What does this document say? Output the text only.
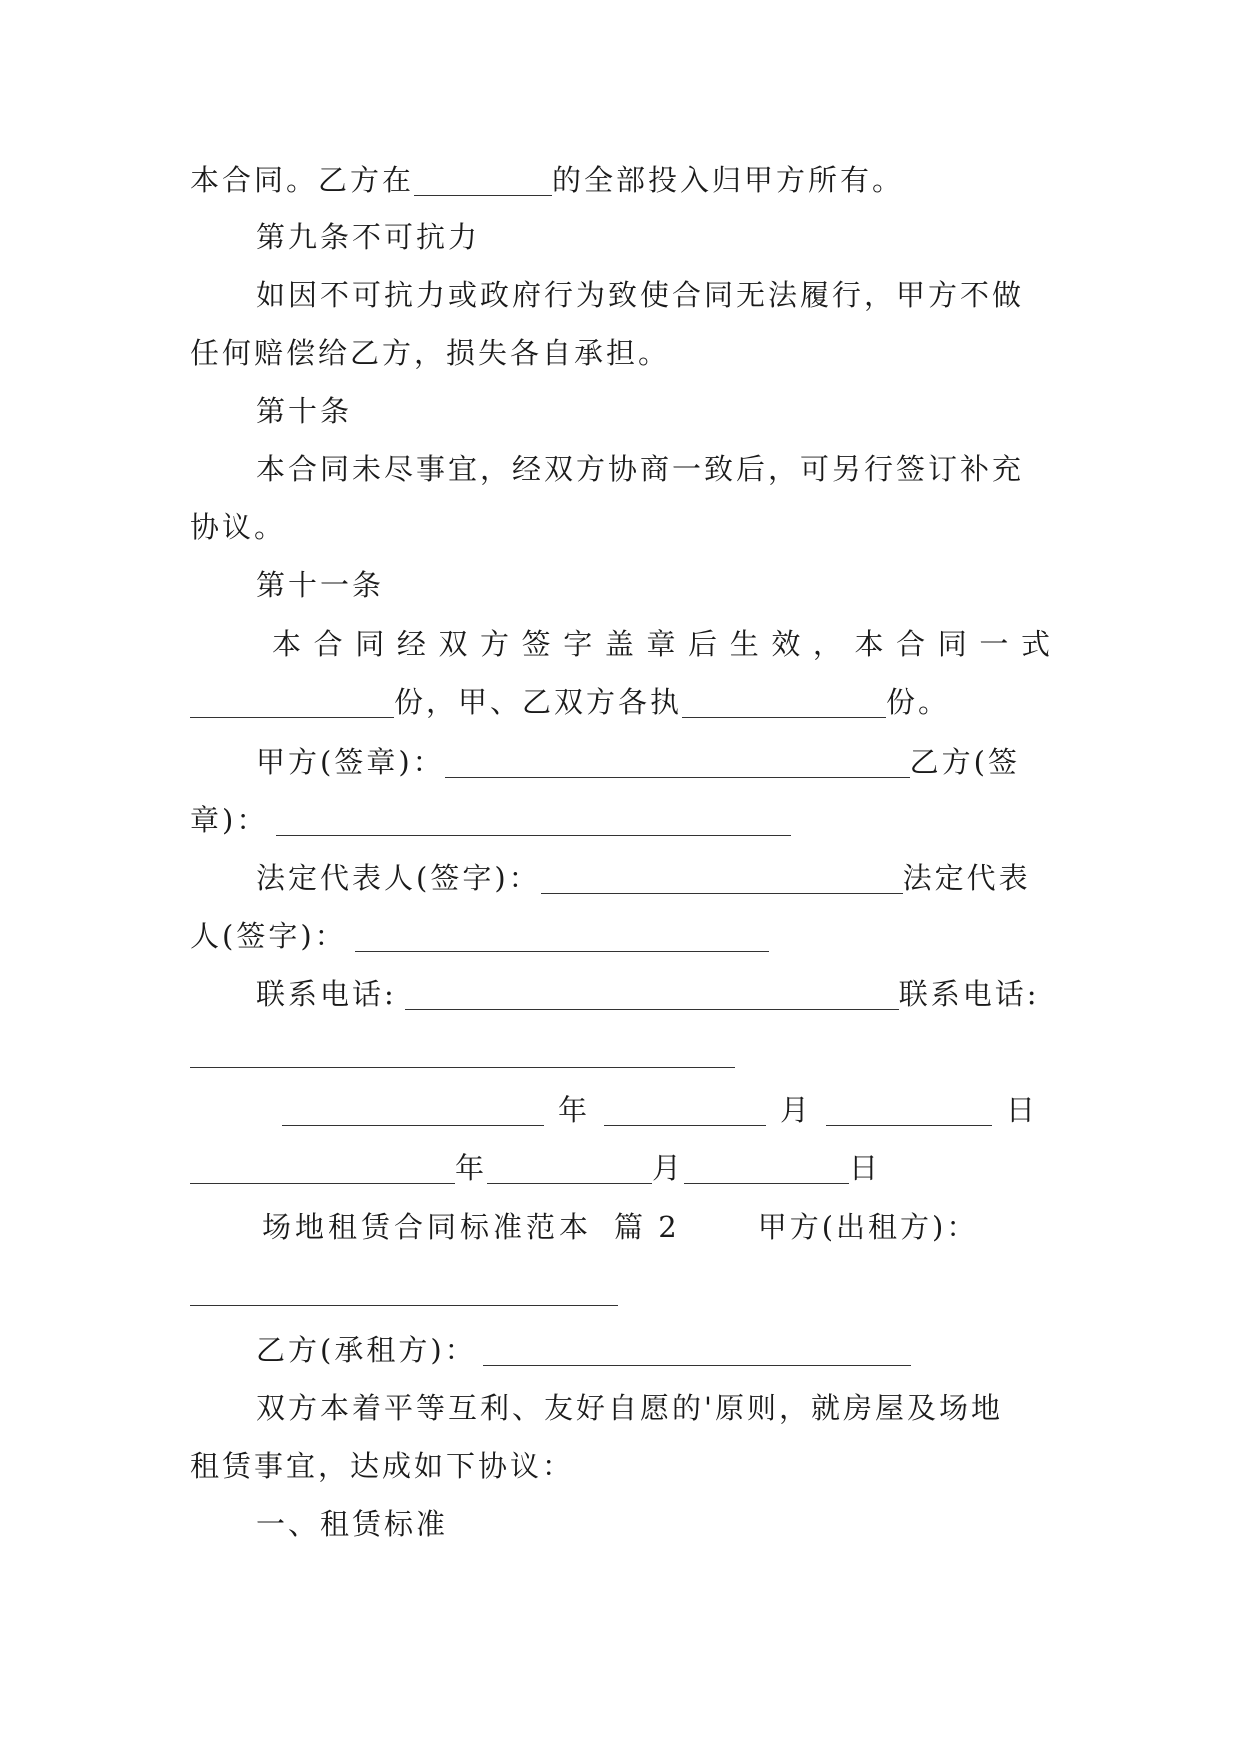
本合同。乙方在	的全部投入归甲方所有。
第九条不可抗力
如因不可抗力或政府行为致使合同无法履行，甲方不做
任何赔偿给乙方，损失各自承担。
第十条
本合同未尽事宜，经双方协商一致后，可另行签订补充
协议。
第十一条
本 合 同 经 双 方 签 字 盖 章 后 生 效 ， 本 合 同 一 式
份，甲、乙双方各执	份。
甲方(签章)：	乙方(签
章)：
法定代表人(签字)：	法定代表
人(签字)：
联系电话:	联系电话:
年	月	日
年	月	日
场地租赁合同标准范本 篇 2	甲方(出租方)：
乙方(承租方)：
双方本着平等互利、友好自愿的'原则，就房屋及场地
租赁事宜，达成如下协议：
一、租赁标准
